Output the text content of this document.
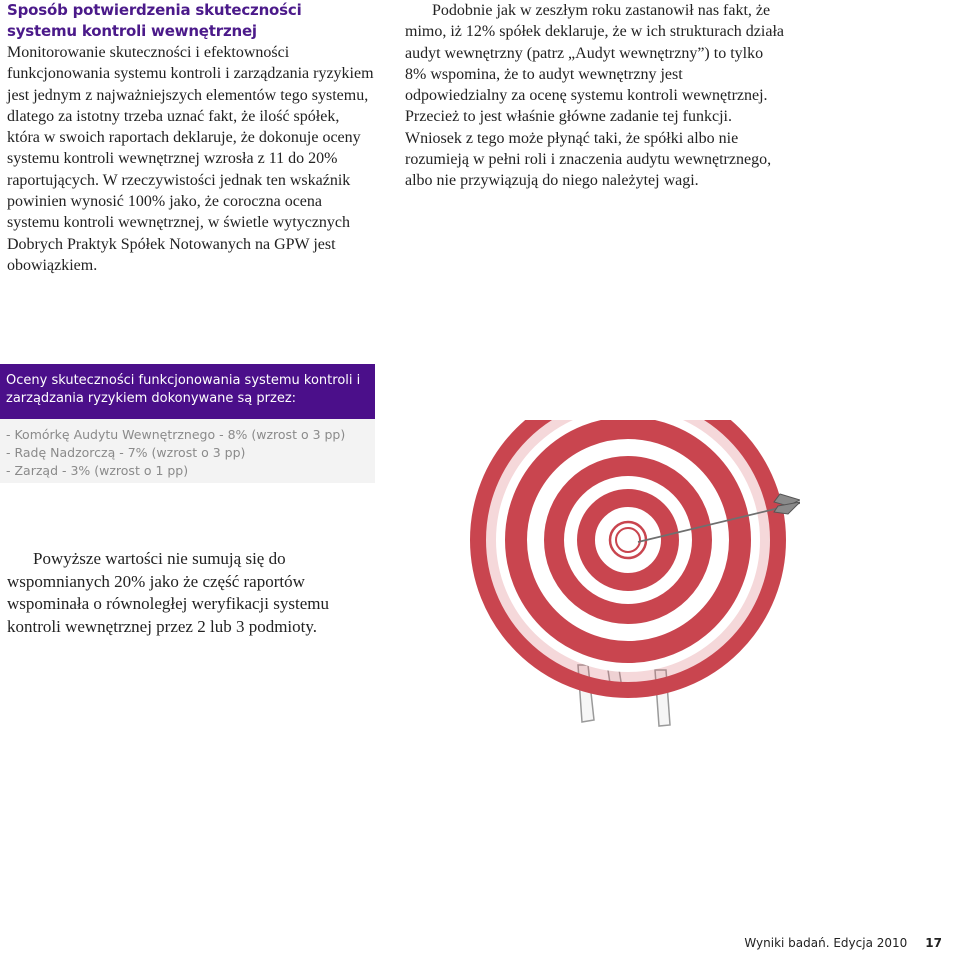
Sposób potwierdzenia skuteczności systemu kontroli wewnętrznej
Monitorowanie skuteczności i efektowności funkcjonowania systemu kontroli i zarządzania ryzykiem jest jednym z najważniejszych elementów tego systemu, dlatego za istotny trzeba uznać fakt, że ilość spółek, która w swoich raportach deklaruje, że dokonuje oceny systemu kontroli wewnętrznej wzrosła z 11 do 20% raportujących. W rzeczywistości jednak ten wskaźnik powinien wynosić 100% jako, że coroczna ocena systemu kontroli wewnętrznej, w świetle wytycznych Dobrych Praktyk Spółek Notowanych na GPW jest obowiązkiem.
Podobnie jak w zeszłym roku zastanowił nas fakt, że mimo, iż 12% spółek deklaruje, że w ich strukturach działa audyt wewnętrzny (patrz „Audyt wewnętrzny”) to tylko 8% wspomina, że to audyt wewnętrzny jest odpowiedzialny za ocenę systemu kontroli wewnętrznej. Przecież to jest właśnie główne zadanie tej funkcji. Wniosek z tego może płynąć taki, że spółki albo nie rozumieją w pełni roli i znaczenia audytu wewnętrznego, albo nie przywiązują do niego należytej wagi.
Oceny skuteczności funkcjonowania systemu kontroli i zarządzania ryzykiem dokonywane są przez:
- Komórkę Audytu Wewnętrznego - 8% (wzrost o 3 pp)
- Radę Nadzorczą - 7% (wzrost o 3 pp)
- Zarząd - 3% (wzrost o 1 pp)
Powyższe wartości nie sumują się do wspomnianych 20% jako że część raportów wspominała o równoległej weryfikacji systemu kontroli wewnętrznej przez 2 lub 3 podmioty.
Wyniki badań. Edycja 2010 17
